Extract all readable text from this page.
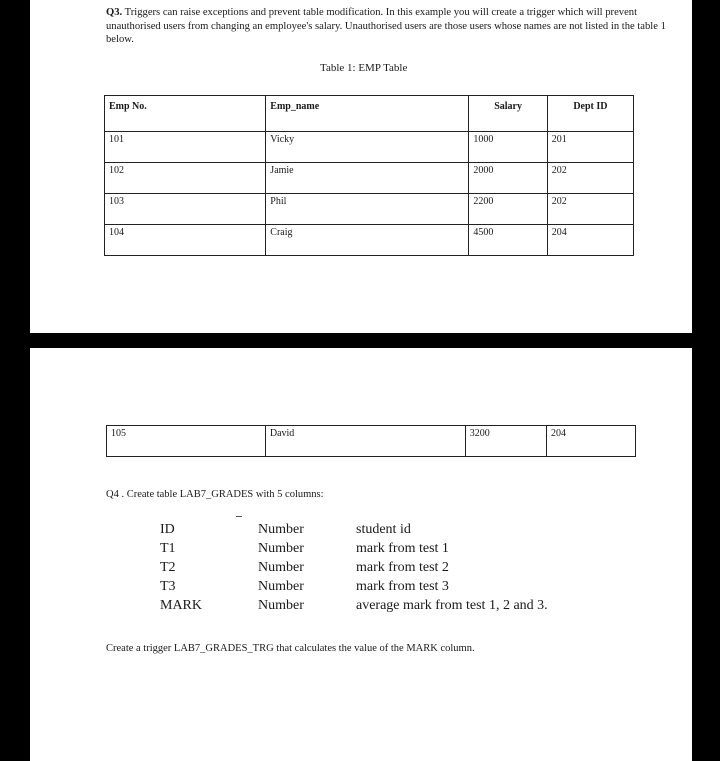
Q3. Triggers can raise exceptions and prevent table modification. In this example you will create a trigger which will prevent unauthorised users from changing an employee's salary. Unauthorised users are those users whose names are not listed in the table 1 below.
Table 1: EMP Table
Emp No.	Emp_name	Salary	Dept ID
101	Vicky	1000	201
102	Jamie	2000	202
103	Phil	2200	202
104	Craig	4500	204
105	David	3200	204
Q4 . Create table LAB7_GRADES with 5 columns:
ID	Number	student id
T1	Number	mark from test 1
T2	Number	mark from test 2
T3	Number	mark from test 3
MARK	Number	average mark from test 1, 2 and 3.
Create a trigger LAB7_GRADES_TRG that calculates the value of the MARK column.
